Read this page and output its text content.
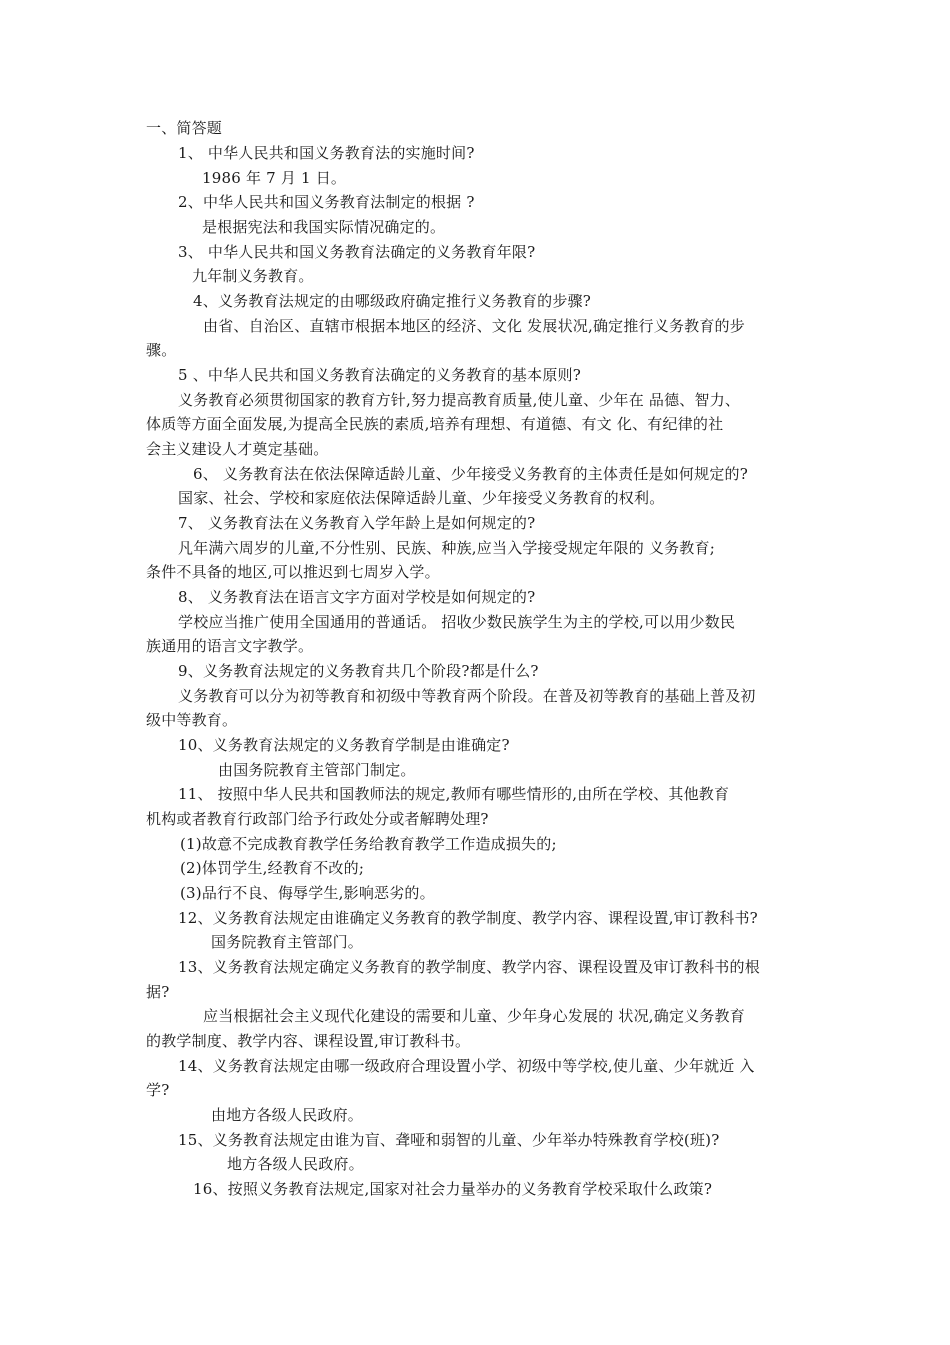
一、简答题

1、 中华人民共和国义务教育法的实施时间?

1986 年 7 月 1 日。

2、中华人民共和国义务教育法制定的根据 ?

是根据宪法和我国实际情况确定的。

3、 中华人民共和国义务教育法确定的义务教育年限?

九年制义务教育。

4、义务教育法规定的由哪级政府确定推行义务教育的步骤?

由省、自治区、直辖市根据本地区的经济、文化 发展状况,确定推行义务教育的步

骤。

5 、中华人民共和国义务教育法确定的义务教育的基本原则?

义务教育必须贯彻国家的教育方针,努力提高教育质量,使儿童、少年在 品德、智力、

体质等方面全面发展,为提高全民族的素质,培养有理想、有道德、有文 化、有纪律的社

会主义建设人才奠定基础。

6、 义务教育法在依法保障适龄儿童、少年接受义务教育的主体责任是如何规定的?

国家、社会、学校和家庭依法保障适龄儿童、少年接受义务教育的权利。

7、 义务教育法在义务教育入学年龄上是如何规定的?

凡年满六周岁的儿童,不分性别、民族、种族,应当入学接受规定年限的 义务教育;

条件不具备的地区,可以推迟到七周岁入学。

8、 义务教育法在语言文字方面对学校是如何规定的?

学校应当推广使用全国通用的普通话。 招收少数民族学生为主的学校,可以用少数民

族通用的语言文字教学。

9、义务教育法规定的义务教育共几个阶段?都是什么?

义务教育可以分为初等教育和初级中等教育两个阶段。在普及初等教育的基础上普及初

级中等教育。

10、义务教育法规定的义务教育学制是由谁确定?

由国务院教育主管部门制定。

11、 按照中华人民共和国教师法的规定,教师有哪些情形的,由所在学校、其他教育

机构或者教育行政部门给予行政处分或者解聘处理?

(1)故意不完成教育教学任务给教育教学工作造成损失的;

(2)体罚学生,经教育不改的;

(3)品行不良、侮辱学生,影响恶劣的。

12、义务教育法规定由谁确定义务教育的教学制度、教学内容、课程设置,审订教科书?

国务院教育主管部门。

13、义务教育法规定确定义务教育的教学制度、教学内容、课程设置及审订教科书的根

据?

应当根据社会主义现代化建设的需要和儿童、少年身心发展的 状况,确定义务教育

的教学制度、教学内容、课程设置,审订教科书。

14、义务教育法规定由哪一级政府合理设置小学、初级中等学校,使儿童、少年就近 入

学?

由地方各级人民政府。

15、义务教育法规定由谁为盲、聋哑和弱智的儿童、少年举办特殊教育学校(班)?

地方各级人民政府。

16、按照义务教育法规定,国家对社会力量举办的义务教育学校采取什么政策?
